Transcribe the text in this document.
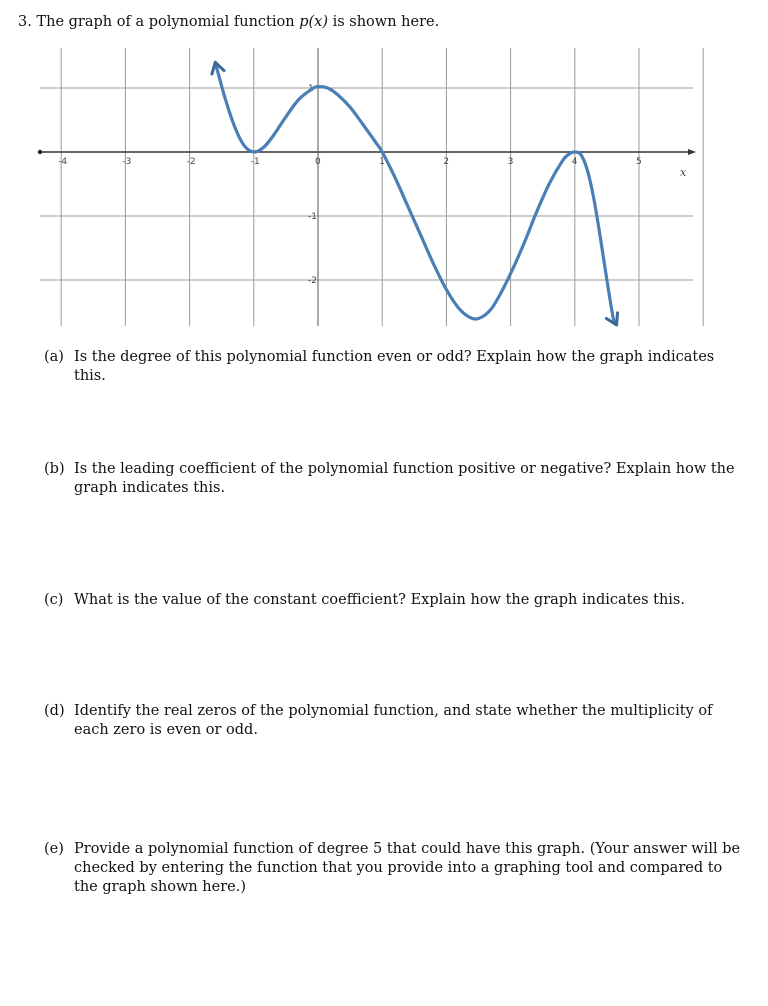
3. The graph of a polynomial function p(x) is shown here.
-4	-3	-2	-1	0	1	2	3	4	5
1
-1
-2
x
(a) Is the degree of this polynomial function even or odd? Explain how the graph indicates this.
(b) Is the leading coefficient of the polynomial function positive or negative? Explain how the graph indicates this.
(c) What is the value of the constant coefficient? Explain how the graph indicates this.
(d) Identify the real zeros of the polynomial function, and state whether the multiplicity of each zero is even or odd.
(e) Provide a polynomial function of degree 5 that could have this graph. (Your answer will be checked by entering the function that you provide into a graphing tool and compared to the graph shown here.)
